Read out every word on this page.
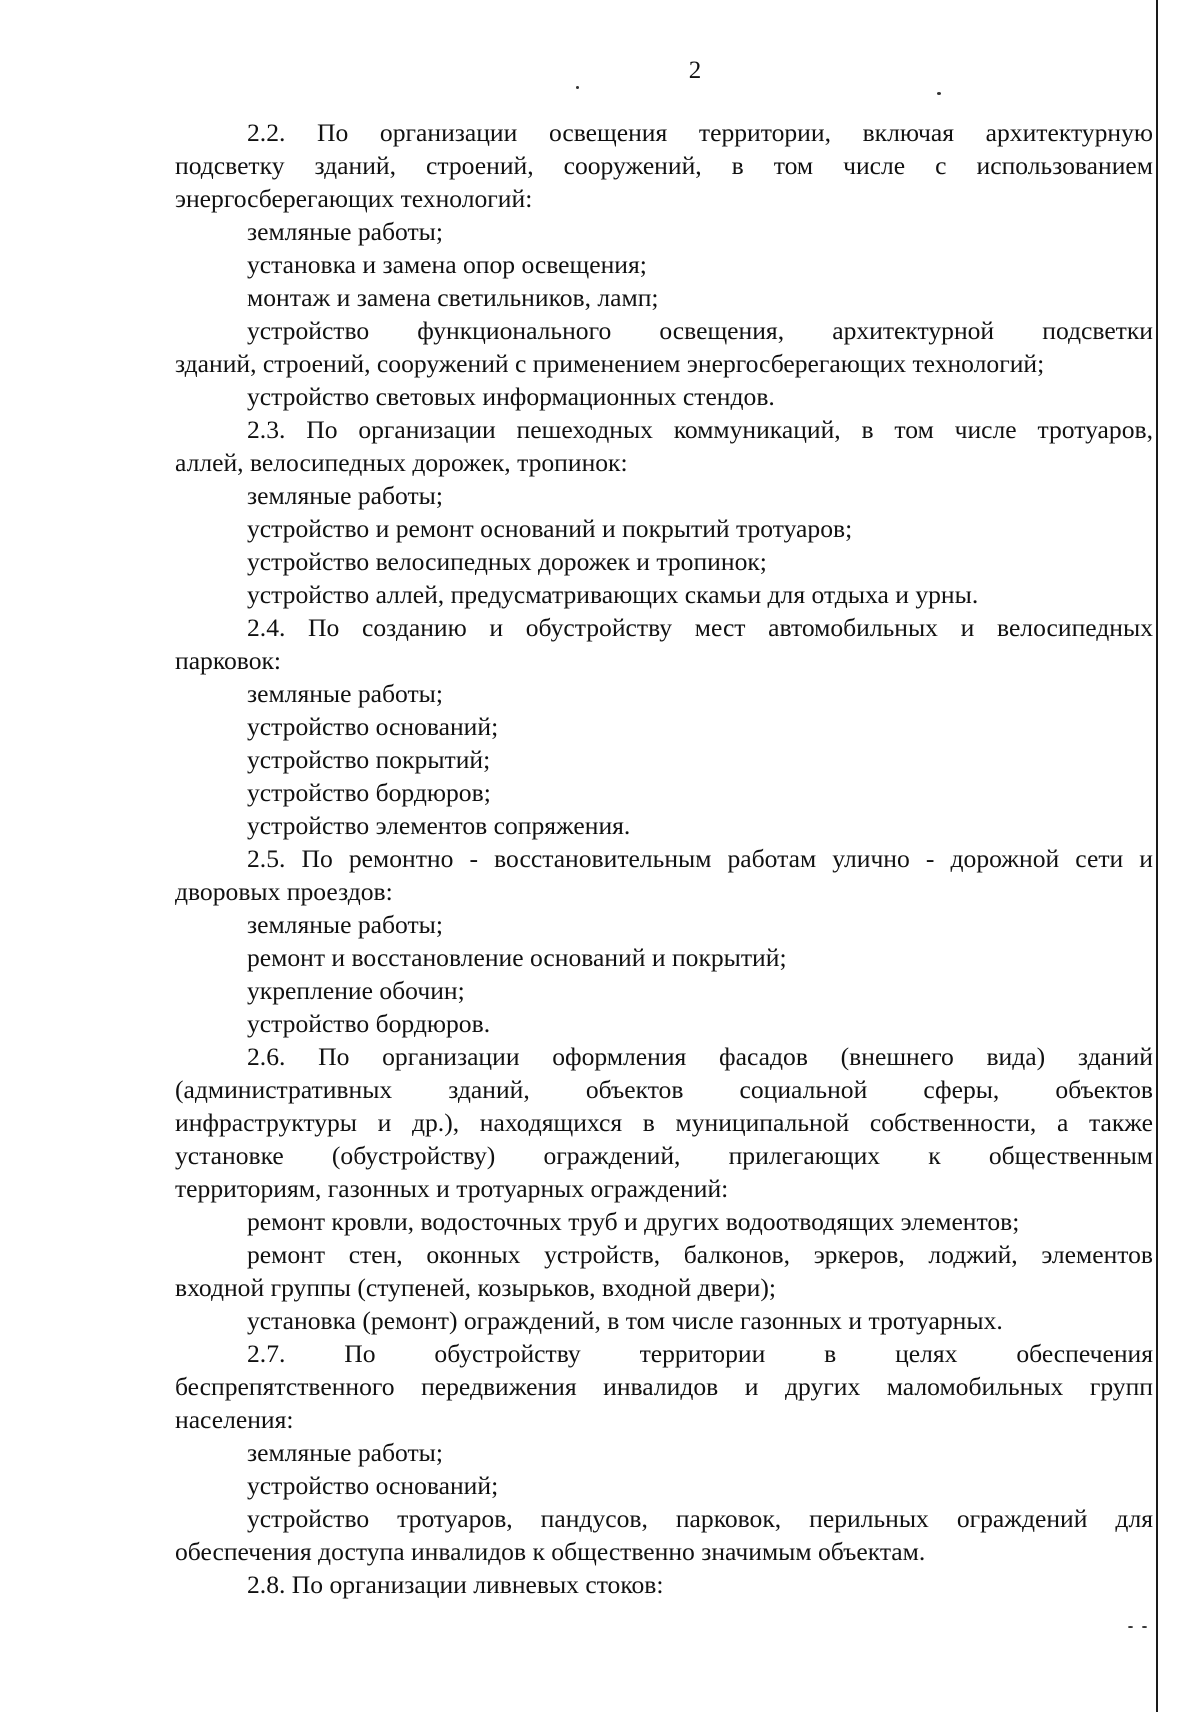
2
2.2. По организации освещения территории, включая архитектурную
подсветку зданий, строений, сооружений, в том числе с использованием
энергосберегающих технологий:
земляные работы;
установка и замена опор освещения;
монтаж и замена светильников, ламп;
устройство функционального освещения, архитектурной подсветки
зданий, строений, сооружений с применением энергосберегающих технологий;
устройство световых информационных стендов.
2.3. По организации пешеходных коммуникаций, в том числе тротуаров,
аллей, велосипедных дорожек, тропинок:
земляные работы;
устройство и ремонт оснований и покрытий тротуаров;
устройство велосипедных дорожек и тропинок;
устройство аллей, предусматривающих скамьи для отдыха и урны.
2.4. По созданию и обустройству мест автомобильных и велосипедных
парковок:
земляные работы;
устройство оснований;
устройство покрытий;
устройство бордюров;
устройство элементов сопряжения.
2.5. По ремонтно - восстановительным работам улично - дорожной сети и
дворовых проездов:
земляные работы;
ремонт и восстановление оснований и покрытий;
укрепление обочин;
устройство бордюров.
2.6. По организации оформления фасадов (внешнего вида) зданий
(административных зданий, объектов социальной сферы, объектов
инфраструктуры и др.), находящихся в муниципальной собственности, а также
установке (обустройству) ограждений, прилегающих к общественным
территориям, газонных и тротуарных ограждений:
ремонт кровли, водосточных труб и других водоотводящих элементов;
ремонт стен, оконных устройств, балконов, эркеров, лоджий, элементов
входной группы (ступеней, козырьков, входной двери);
установка (ремонт) ограждений, в том числе газонных и тротуарных.
2.7. По обустройству территории в целях обеспечения
беспрепятственного передвижения инвалидов и других маломобильных групп
населения:
земляные работы;
устройство оснований;
устройство тротуаров, пандусов, парковок, перильных ограждений для
обеспечения доступа инвалидов к общественно значимым объектам.
2.8. По организации ливневых стоков:
